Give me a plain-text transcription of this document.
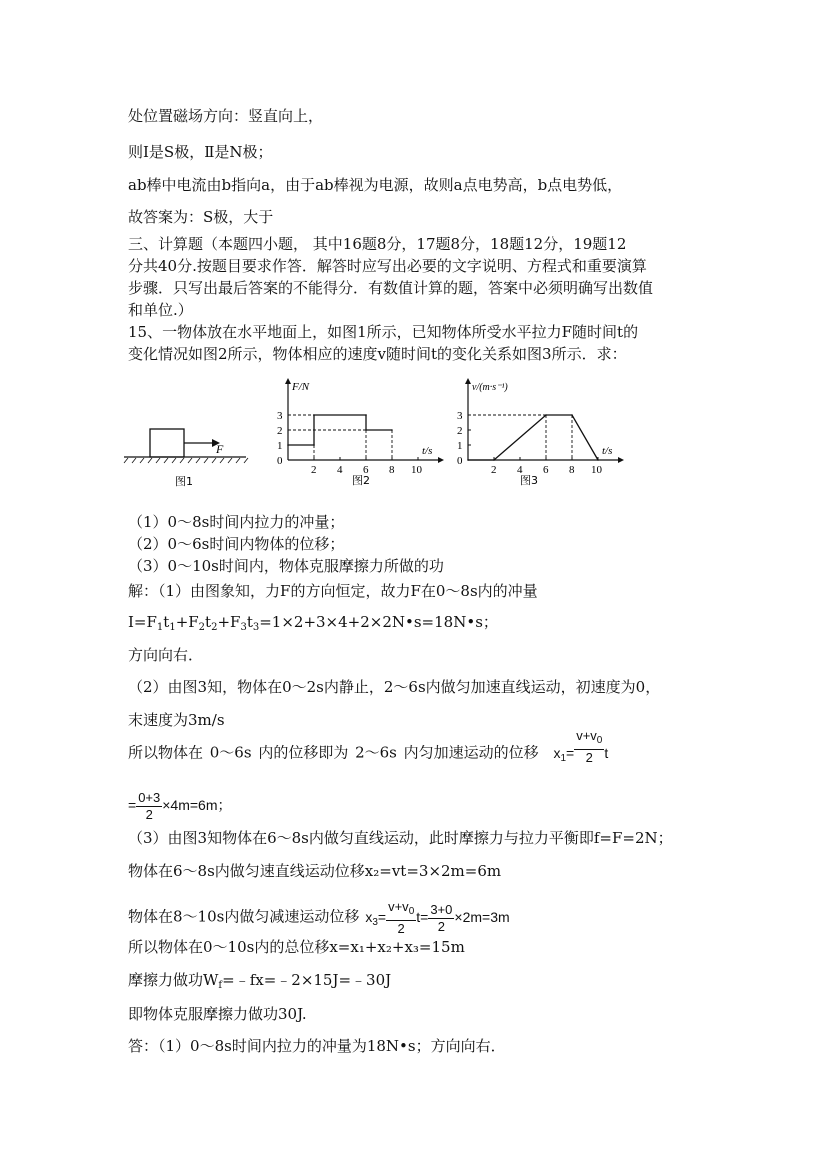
处位置磁场方向：竖直向上，
则Ⅰ是S极，Ⅱ是N极；
ab棒中电流由b指向a，由于ab棒视为电源，故则a点电势高，b点电势低，
故答案为：S极，大于
三、计算题（本题四小题， 其中16题8分，17题8分，18题12分，19题12
分共40分.按题目要求作答．解答时应写出必要的文字说明、方程式和重要演算
步骤．只写出最后答案的不能得分．有数值计算的题，答案中必须明确写出数值
和单位.）
15、一物体放在水平地面上，如图1所示，已知物体所受水平拉力F随时间t的
变化情况如图2所示，物体相应的速度v随时间t的变化关系如图3所示．求：
F
图1
F/N
t/s
2 4 6 8 10
3
2
1
0
图2
v/(m·s⁻¹)
t/s
2 4 6 8 10
3
2
1
0
图3
（1）0～8s时间内拉力的冲量；
（2）0～6s时间内物体的位移；
（3）0～10s时间内，物体克服摩擦力所做的功
解：（1）由图象知，力F的方向恒定，故力F在0～8s内的冲量
$I=F_1t_1+F_2t_2+F_3t_3=1\times 2+3\times 4+2\times 2N•s=18N•s$；
方向向右．
（2）由图3知，物体在0～2s内静止，2～6s内做匀加速直线运动，初速度为0，
末速度为3m/s
所以物体在 0～6s 内的位移即为 2～6s 内匀加速运动的位移 $x_1= \frac{v+v_0}{2}$ t
= $\frac{0+3}{2} \times 4m=6m$；
（3）由图3知物体在6～8s内做匀直线运动，此时摩擦力与拉力平衡即f=F=2N；
物体在6～8s内做匀速直线运动位移x₂=vt=3×2m=6m
物体在8～10s内做匀减速运动位移 $x_3= \frac{v+v_0}{2} t= \frac{3+0}{2} \times 2m=3m$
所以物体在0～10s内的总位移x=x₁+x₂+x₃=15m
摩擦力做功$W_f=﹣fx=﹣2\times 15J=﹣30J$
即物体克服摩擦力做功30J.
答：（1）0～8s时间内拉力的冲量为18N•s；方向向右．
